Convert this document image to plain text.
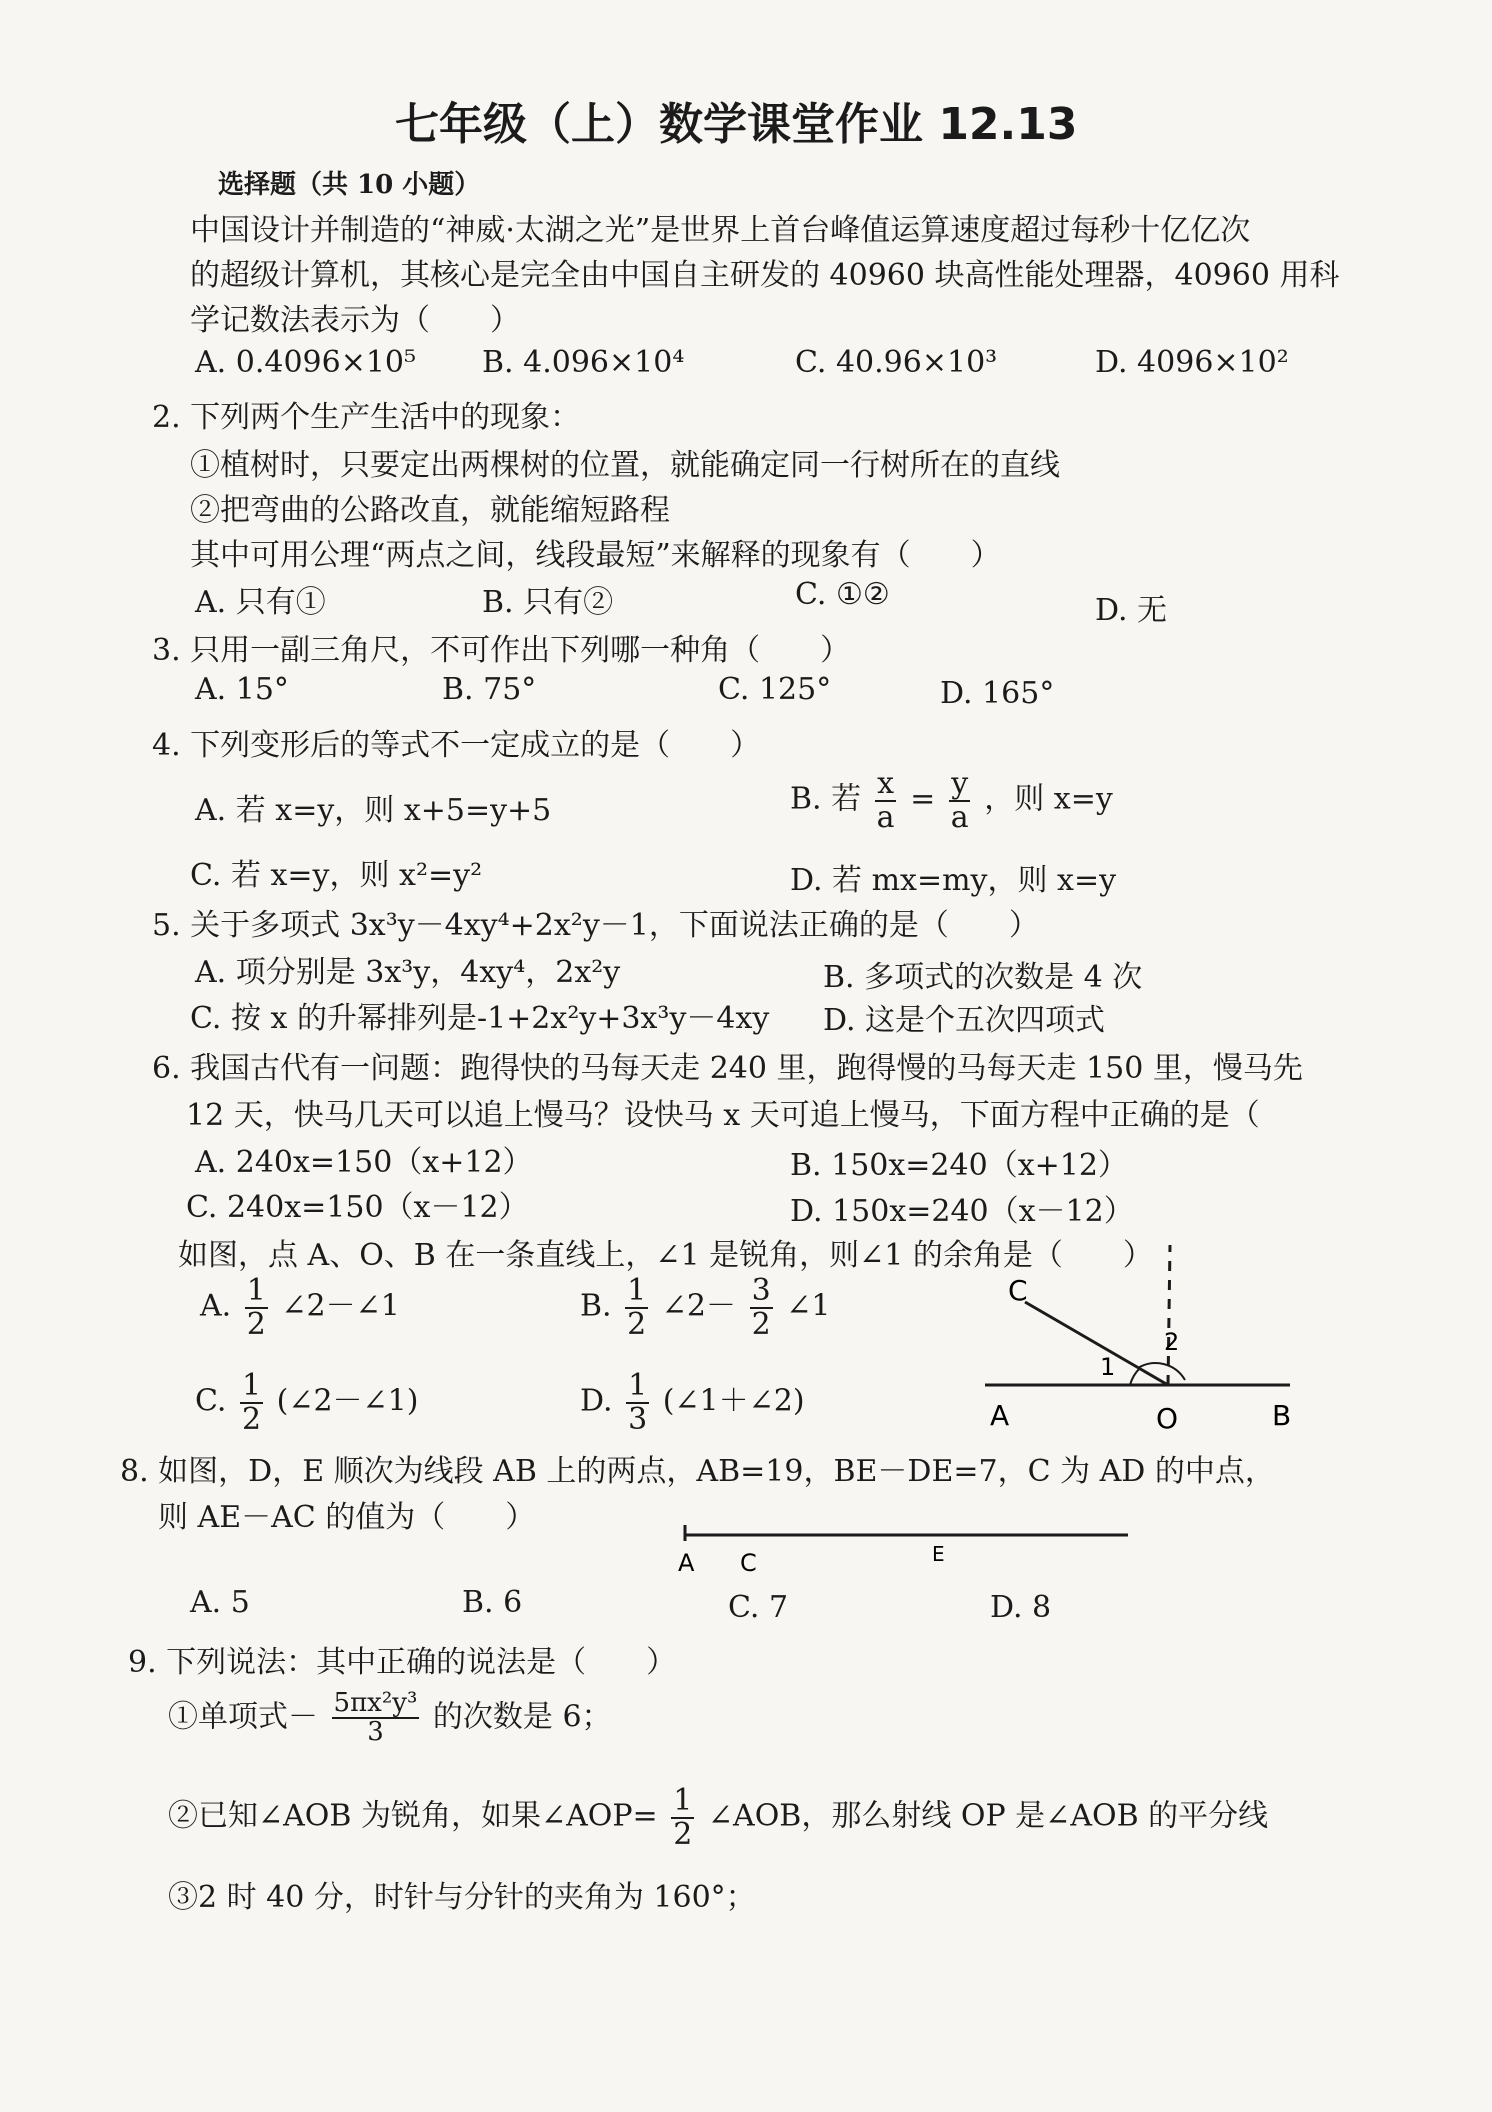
七年级（上）数学课堂作业 12.13
选择题（共 10 小题）
中国设计并制造的“神威·太湖之光”是世界上首台峰值运算速度超过每秒十亿亿次
的超级计算机，其核心是完全由中国自主研发的 40960 块高性能处理器，40960 用科
学记数法表示为（　　）
A. 0.4096×10⁵ B. 4.096×10⁴	C. 40.96×10³	D. 4096×10²
2. 下列两个生产生活中的现象：
①植树时，只要定出两棵树的位置，就能确定同一行树所在的直线
②把弯曲的公路改直，就能缩短路程
其中可用公理“两点之间，线段最短”来解释的现象有（　　）
A. 只有①	B. 只有②	C. ①②	D. 无
3. 只用一副三角尺，不可作出下列哪一种角（　　）
A. 15°	B. 75°	C. 125°	D. 165°
4. 下列变形后的等式不一定成立的是（　　）
A. 若 x=y，则 x+5=y+5	B. 若 $\frac{x}{a} = \frac{y}{a}$ ，则 x=y
C. 若 x=y，则 x²=y²	D. 若 mx=my，则 x=y
5. 关于多项式 3x³y－4xy⁴+2x²y－1，下面说法正确的是（　　）
A. 项分别是 3x³y，4xy⁴，2x²y	B. 多项式的次数是 4 次
C. 按 x 的升幂排列是-1+2x²y+3x³y－4xy D. 这是个五次四项式
6. 我国古代有一问题：跑得快的马每天走 240 里，跑得慢的马每天走 150 里，慢马先
12 天，快马几天可以追上慢马？设快马 x 天可追上慢马，下面方程中正确的是（
A. 240x=150（x+12）	B. 150x=240（x+12）
C. 240x=150（x－12）	D. 150x=240（x－12）
如图，点 A、O、B 在一条直线上，∠1 是锐角，则∠1 的余角是（　　）
A. $\frac{1}{2}$ ∠2－∠1	B. $\frac{1}{2}$ ∠2－ $\frac{3}{2}$ ∠1
C. $\frac{1}{2}$ (∠2－∠1)	D. $\frac{1}{3}$ (∠1＋∠2)
C
A	O	B
1
2
8. 如图，D，E 顺次为线段 AB 上的两点，AB=19，BE－DE=7，C 为 AD 的中点，
则 AE－AC 的值为（　　）
A C	E
A. 5	B. 6	C. 7	D. 8
9. 下列说法：其中正确的说法是（　　）
①单项式－ $\frac{\text{5πx²y³}}{3}$ 的次数是 6；
②已知∠AOB 为锐角，如果∠AOP= $\frac{1}{2}$ ∠AOB，那么射线 OP 是∠AOB 的平分线
③2 时 40 分，时针与分针的夹角为 160°；
